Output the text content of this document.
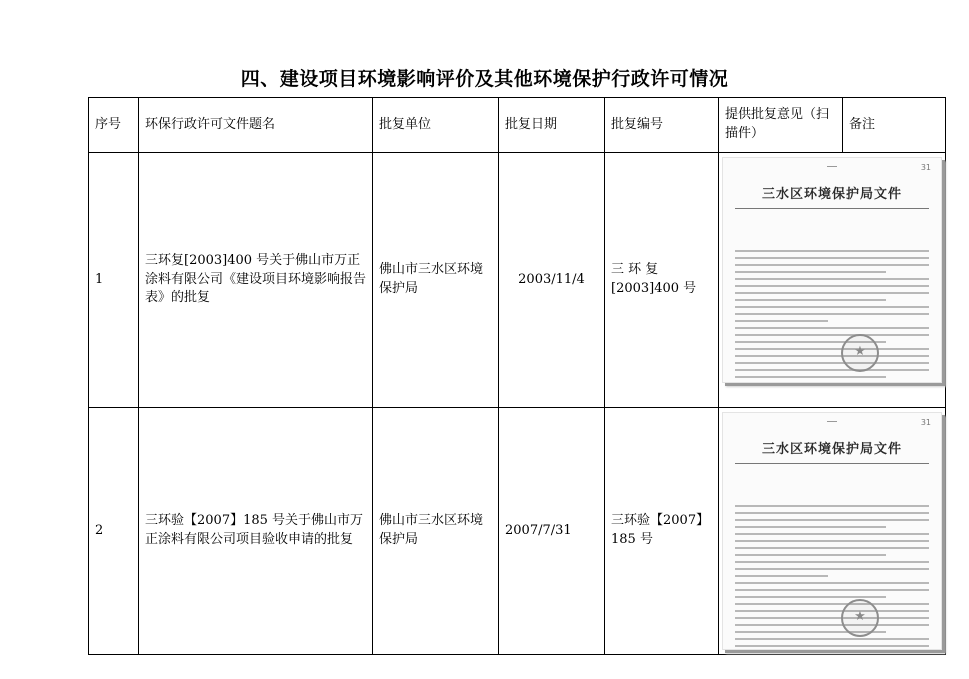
四、建设项目环境影响评价及其他环境保护行政许可情况
序号	环保行政许可文件题名	批复单位	批复日期	批复编号	提供批复意见（扫描件）	备注
1	三环复[2003]400 号关于佛山市万正涂料有限公司《建设项目环境影响报告表》的批复	佛山市三水区环境保护局	2003/11/4	三 环 复[2003]400 号	31
三水区环境保护局文件
★

2	三环验【2007】185 号关于佛山市万正涂料有限公司项目验收申请的批复	佛山市三水区环境保护局	2007/7/31	三环验【2007】185 号	31
三水区环境保护局文件
★
